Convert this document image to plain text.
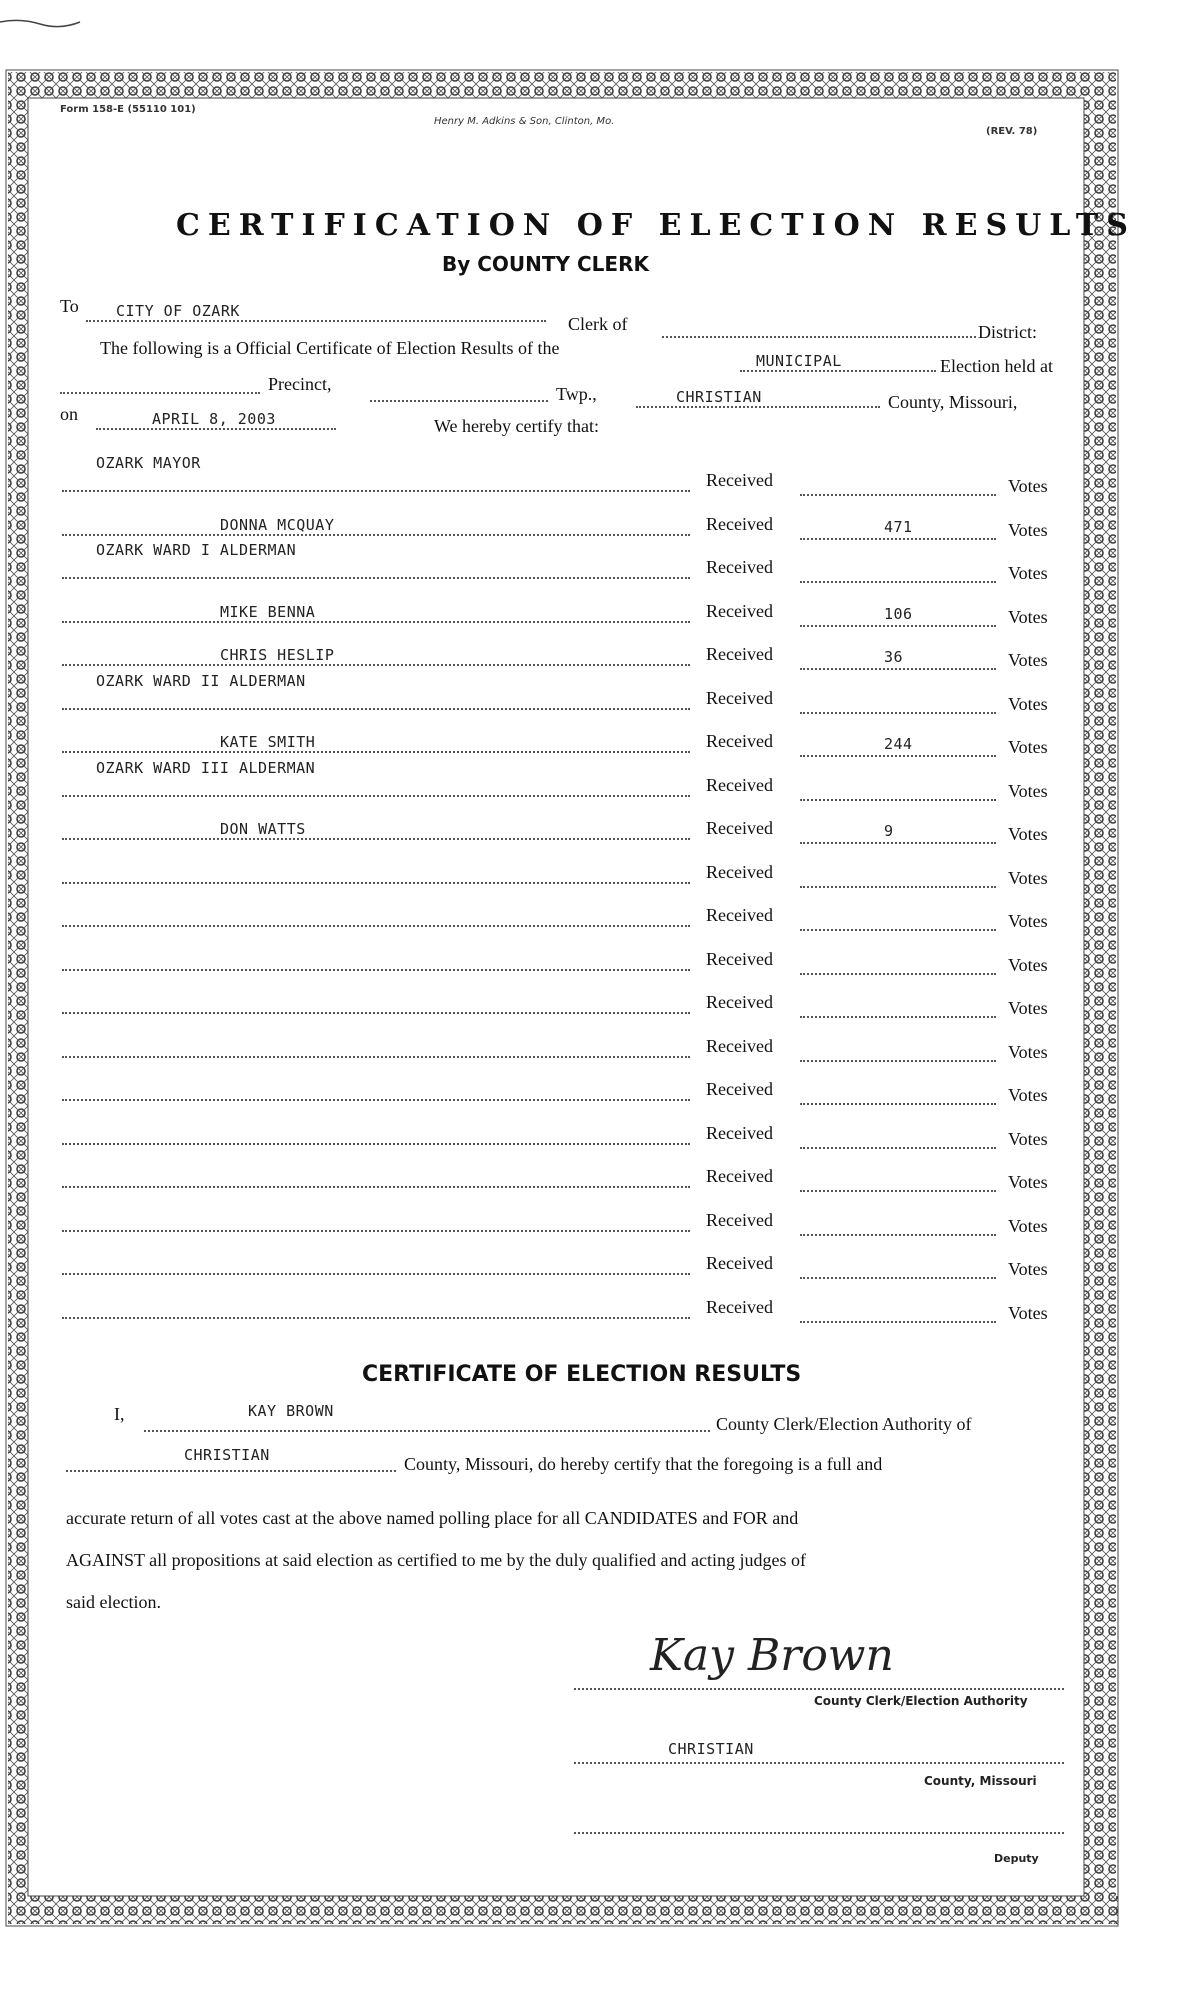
Form 158-E (55110 101)
Henry M. Adkins & Son, Clinton, Mo.
(REV. 78)
CERTIFICATION OF ELECTION RESULTS
By COUNTY CLERK
To CITY OF OZARK
Clerk of	District:
The following is a Official Certificate of Election Results of the
MUNICIPAL	Election held at
Precinct,	Twp.,	CHRISTIAN	County, Missouri,
on	APRIL 8, 2003	We hereby certify that:
OZARK MAYOR
Received	Votes
DONNA MCQUAY	Received	471	Votes
OZARK WARD I ALDERMAN
Received	Votes
MIKE BENNA	Received	106	Votes
CHRIS HESLIP	Received	36	Votes
OZARK WARD II ALDERMAN
Received	Votes
KATE SMITH	Received	244	Votes
OZARK WARD III ALDERMAN
Received	Votes
DON WATTS	Received	9	Votes
Received	Votes
Received	Votes
Received	Votes
Received	Votes
Received	Votes
Received	Votes
Received	Votes
Received	Votes
Received	Votes
Received	Votes
Received	Votes
CERTIFICATE OF ELECTION RESULTS
I,	KAY BROWN
County Clerk/Election Authority of
CHRISTIAN	County, Missouri, do hereby certify that the foregoing is a full and
accurate return of all votes cast at the above named polling place for all CANDIDATES and FOR and
AGAINST all propositions at said election as certified to me by the duly qualified and acting judges of
said election.
Kay Brown
County Clerk/Election Authority
CHRISTIAN
County, Missouri
Deputy
